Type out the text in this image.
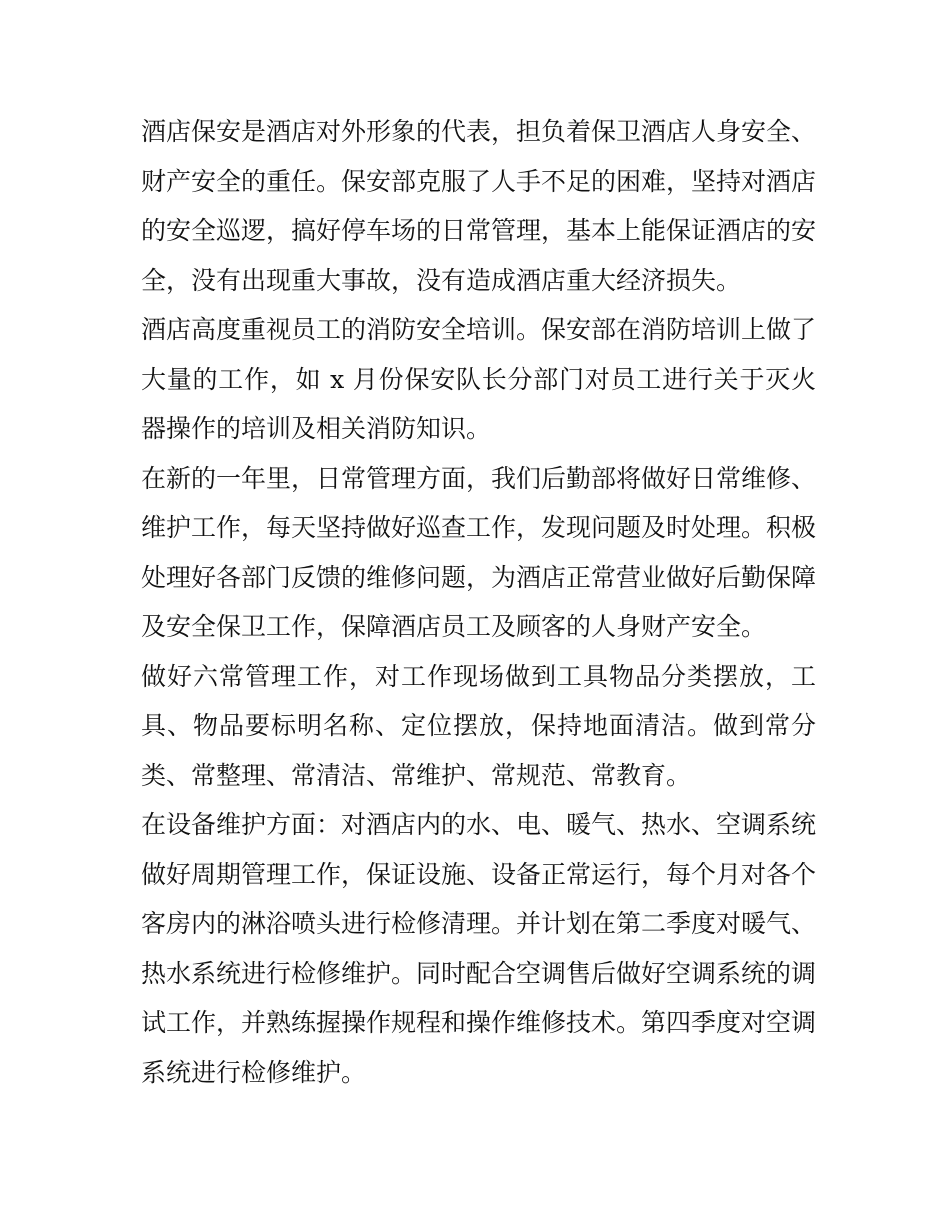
酒店保安是酒店对外形象的代表，担负着保卫酒店人身安全、财产安全的重任。保安部克服了人手不足的困难，坚持对酒店的安全巡逻，搞好停车场的日常管理，基本上能保证酒店的安全，没有出现重大事故，没有造成酒店重大经济损失。

酒店高度重视员工的消防安全培训。保安部在消防培训上做了大量的工作，如 x 月份保安队长分部门对员工进行关于灭火器操作的培训及相关消防知识。

在新的一年里，日常管理方面，我们后勤部将做好日常维修、维护工作，每天坚持做好巡查工作，发现问题及时处理。积极处理好各部门反馈的维修问题，为酒店正常营业做好后勤保障及安全保卫工作，保障酒店员工及顾客的人身财产安全。

做好六常管理工作，对工作现场做到工具物品分类摆放，工具、物品要标明名称、定位摆放，保持地面清洁。做到常分类、常整理、常清洁、常维护、常规范、常教育。

在设备维护方面：对酒店内的水、电、暖气、热水、空调系统做好周期管理工作，保证设施、设备正常运行，每个月对各个客房内的淋浴喷头进行检修清理。并计划在第二季度对暖气、热水系统进行检修维护。同时配合空调售后做好空调系统的调试工作，并熟练握操作规程和操作维修技术。第四季度对空调系统进行检修维护。
